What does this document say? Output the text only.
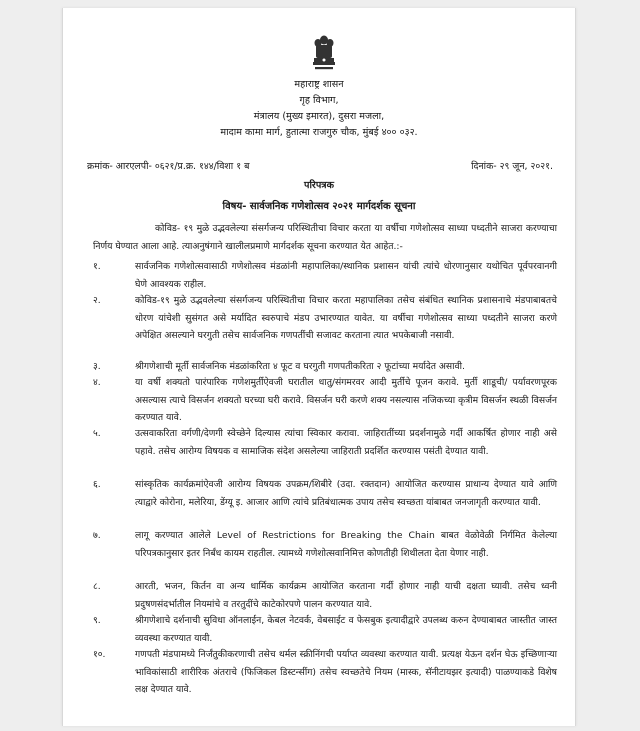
महाराष्ट्र शासन
गृह विभाग,
मंत्रालय (मुख्य इमारत), दुसरा मजला,
मादाम कामा मार्ग, हुतात्मा राजगुरु चौक, मुंबई ४०० ०३२.
क्रमांक- आरएलपी- ०६२१/प्र.क्र. १४४/विशा १ ब	दिनांक- २९ जून, २०२१.
परिपत्रक
विषय- सार्वजनिक गणेशोत्सव २०२१ मार्गदर्शक सूचना
कोविड- १९ मुळे उद्भवलेल्या संसर्गजन्य परिस्थितीचा विचार करता या वर्षीचा गणेशोत्सव साध्या पध्दतीने साजरा करण्याचा निर्णय घेण्यात आला आहे. त्याअनुषंगाने खालीलप्रमाणे मार्गदर्शक सूचना करण्यात येत आहेत.:-
१.	सार्वजनिक गणेशोत्सवासाठी गणेशोत्सव मंडळांनी महापालिका/स्थानिक प्रशासन यांची त्यांचे धोरणानुसार यथोचित पूर्वपरवानगी घेणे आवश्यक राहील.
२.	कोविड-१९ मुळे उद्भवलेल्या संसर्गजन्य परिस्थितीचा विचार करता महापालिका तसेच संबंधित स्थानिक प्रशासनाचे मंडपाबाबतचे धोरण यांचेशी सुसंगत असे मर्यादित स्वरुपाचे मंडप उभारण्यात यावेत. या वर्षीचा गणेशोत्सव साध्या पध्दतीने साजरा करणे अपेक्षित असल्याने घरगुती तसेच सार्वजनिक गणपतींची सजावट करताना त्यात भपकेबाजी नसावी.
३.	श्रीगणेशाची मूर्ती सार्वजनिक मंडळांकरिता ४ फूट व घरगुती गणपतीकरिता २ फूटांच्या मर्यादेत असावी.
४.	या वर्षी शक्यतो पारंपारिक गणेशमुर्तीऐवजी घरातील धातु/संगमरवर आदी मुर्तीचे पूजन करावे. मुर्ती शाडूची/ पर्यावरणपूरक असल्यास त्याचे विसर्जन शक्यतो घरच्या घरी करावे. विसर्जन घरी करणे शक्य नसल्यास नजिकच्या कृत्रीम विसर्जन स्थळी विसर्जन करण्यात यावे.
५.	उत्सवाकरिता वर्गणी/देणगी स्वेच्छेने दिल्यास त्यांचा स्विकार करावा. जाहिरातींच्या प्रदर्शनामुळे गर्दी आकर्षित होणार नाही असे पहावे. तसेच आरोग्य विषयक व सामाजिक संदेश असलेल्या जाहिराती प्रदर्शित करण्यास पसंती देण्यात यावी.
६.	सांस्कृतिक कार्यक्रमांऐवजी आरोग्य विषयक उपक्रम/शिबीरे (उदा. रक्तदान) आयोजित करण्यास प्राधान्य देण्यात यावे आणि त्याद्वारे कोरोना, मलेरिया, डेंग्यू इ. आजार आणि त्यांचे प्रतिबंधात्मक उपाय तसेच स्वच्छता यांबाबत जनजागृती करण्यात यावी.
७.	लागू करण्यात आलेले Level of Restrictions for Breaking the Chain बाबत वेळोवेळी निर्गमित केलेल्या परिपत्रकानुसार इतर निर्बंध कायम राहतील. त्यामध्ये गणेशोत्सवानिमित्त कोणतीही शिथीलता देता येणार नाही.
८.	आरती, भजन, किर्तन वा अन्य धार्मिक कार्यक्रम आयोजित करताना गर्दी होणार नाही याची दक्षता घ्यावी. तसेच ध्वनी प्रदुषणसंदर्भातील नियमांचे व तरतुदींचे काटेकोरपणे पालन करण्यात यावे.
९.	श्रीगणेशाचे दर्शनाची सुविधा ऑनलाईन, केबल नेटवर्क, वेबसाईट व फेसबुक इत्यादीद्वारे उपलब्ध करुन देण्याबाबत जास्तीत जास्त व्यवस्था करण्यात यावी.
१०.	गणपती मंडपामध्ये निर्जंतुकीकरणाची तसेच थर्मल स्क्रीनिंगची पर्याप्त व्यवस्था करण्यात यावी. प्रत्यक्ष येऊन दर्शन घेऊ इच्छिणाऱ्या भाविकांसाठी शारीरिक अंतराचे (फिजिकल डिस्टन्सींग) तसेच स्वच्छतेचे नियम (मास्क, सॅनीटायझर इत्यादी) पाळण्याकडे विशेष लक्ष देण्यात यावे.
